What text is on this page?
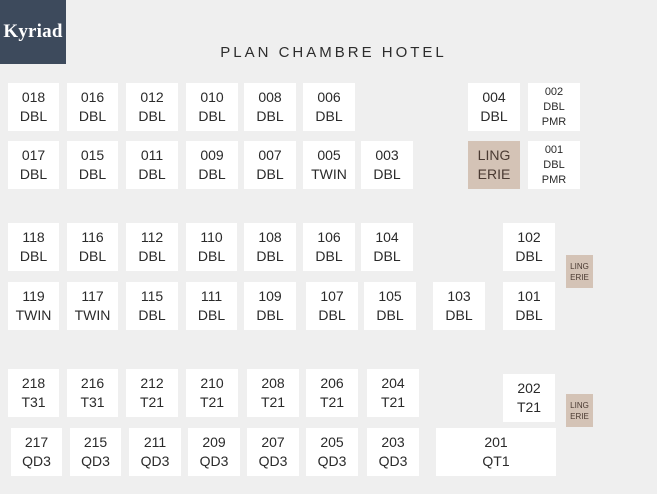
Kyriad
PLAN CHAMBRE HOTEL
018
DBL
016
DBL
012
DBL
010
DBL
008
DBL
006
DBL
004
DBL
002
DBL
PMR
017
DBL
015
DBL
011
DBL
009
DBL
007
DBL
005
TWIN
003
DBL
LING
ERIE
001
DBL
PMR
118
DBL
116
DBL
112
DBL
110
DBL
108
DBL
106
DBL
104
DBL
102
DBL
LING
ERIE
119
TWIN
117
TWIN
115
DBL
111
DBL
109
DBL
107
DBL
105
DBL
103
DBL
101
DBL
218
T31
216
T31
212
T21
210
T21
208
T21
206
T21
204
T21
202
T21	LING
ERIE
217
QD3
215
QD3
211
QD3
209
QD3
207
QD3
205
QD3
203
QD3
201
QT1
